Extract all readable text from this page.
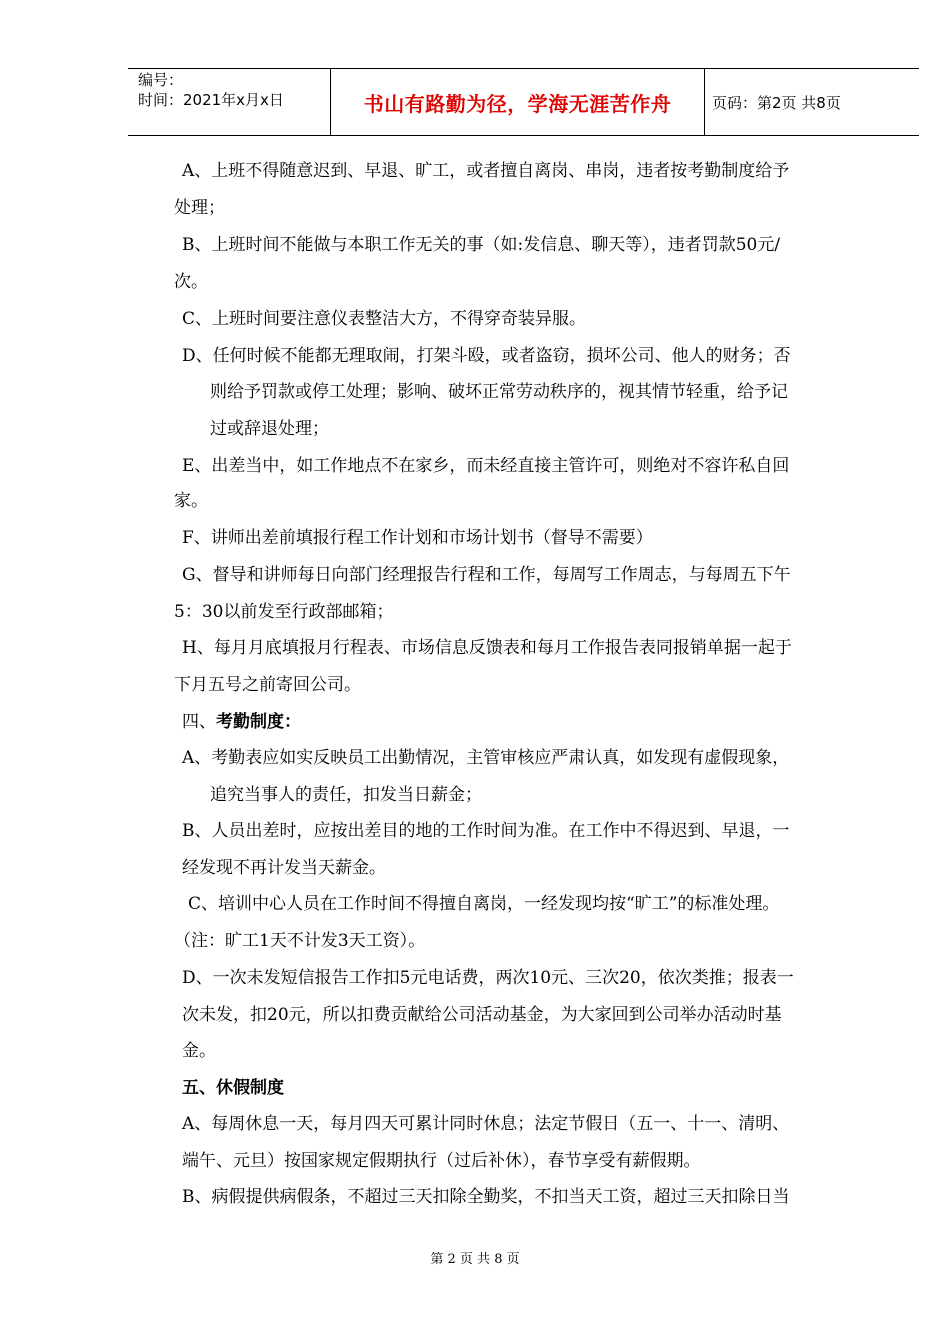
编号：
时间：2021年x月x日	书山有路勤为径，学海无涯苦作舟	页码：第2页 共8页
A、上班不得随意迟到、早退、旷工，或者擅自离岗、串岗，违者按考勤制度给予
处理；
B、上班时间不能做与本职工作无关的事（如:发信息、聊天等），违者罚款50元/
次。
C、上班时间要注意仪表整洁大方，不得穿奇装异服。
D、任何时候不能都无理取闹，打架斗殴，或者盗窃，损坏公司、他人的财务；否
则给予罚款或停工处理；影响、破坏正常劳动秩序的，视其情节轻重，给予记
过或辞退处理；
E、出差当中，如工作地点不在家乡，而未经直接主管许可，则绝对不容许私自回
家。
F、讲师出差前填报行程工作计划和市场计划书（督导不需要）
G、督导和讲师每日向部门经理报告行程和工作，每周写工作周志，与每周五下午
5：30以前发至行政部邮箱；
H、每月月底填报月行程表、市场信息反馈表和每月工作报告表同报销单据一起于
下月五号之前寄回公司。
四、考勤制度：
A、考勤表应如实反映员工出勤情况，主管审核应严肃认真，如发现有虚假现象，
追究当事人的责任，扣发当日薪金；
B、人员出差时，应按出差目的地的工作时间为准。在工作中不得迟到、早退，一
经发现不再计发当天薪金。
C、培训中心人员在工作时间不得擅自离岗，一经发现均按“旷工”的标准处理。
（注：旷工1天不计发3天工资）。
D、一次未发短信报告工作扣5元电话费，两次10元、三次20，依次类推；报表一
次未发，扣20元，所以扣费贡献给公司活动基金，为大家回到公司举办活动时基
金。
五、休假制度
A、每周休息一天，每月四天可累计同时休息；法定节假日（五一、十一、清明、
端午、元旦）按国家规定假期执行（过后补休），春节享受有薪假期。
B、病假提供病假条，不超过三天扣除全勤奖，不扣当天工资，超过三天扣除日当
第 2 页 共 8 页
